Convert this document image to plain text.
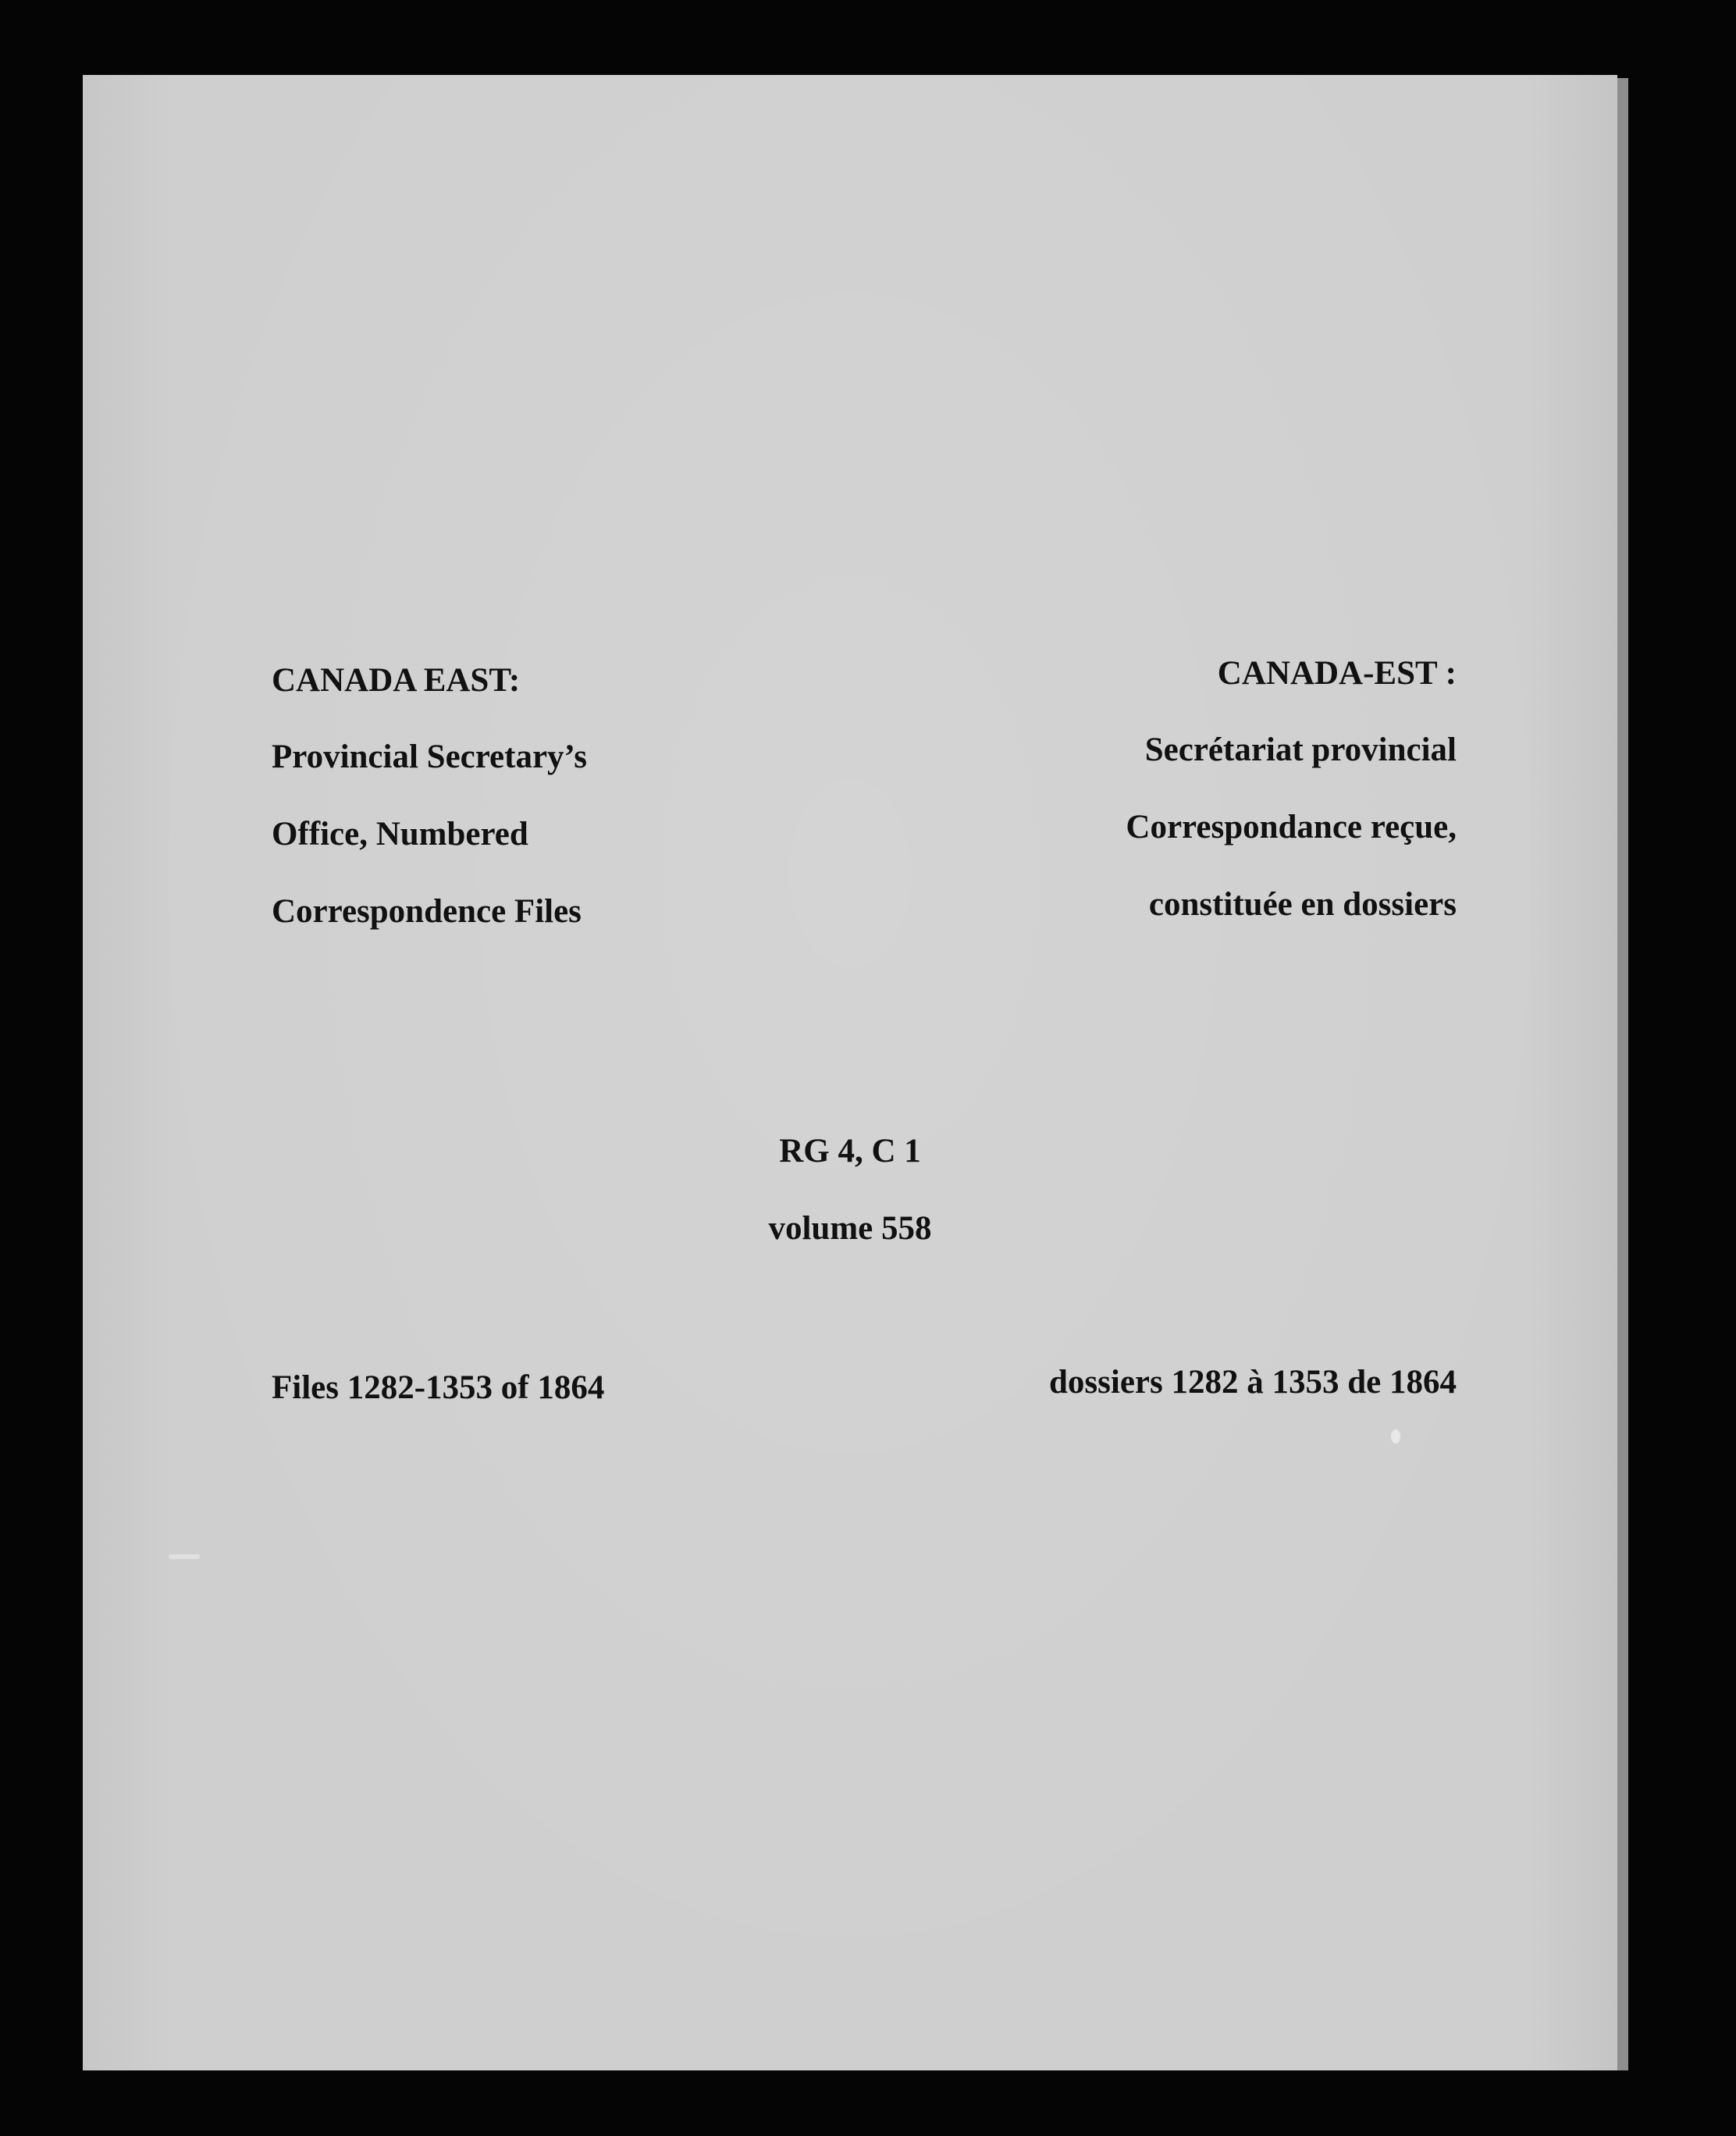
CANADA EAST:
Provincial Secretary’s
Office, Numbered
Correspondence Files
CANADA-EST :
Secrétariat provincial
Correspondance reçue,
constituée en dossiers
RG 4, C 1
volume 558
Files 1282-1353 of 1864	dossiers 1282 à 1353 de 1864
